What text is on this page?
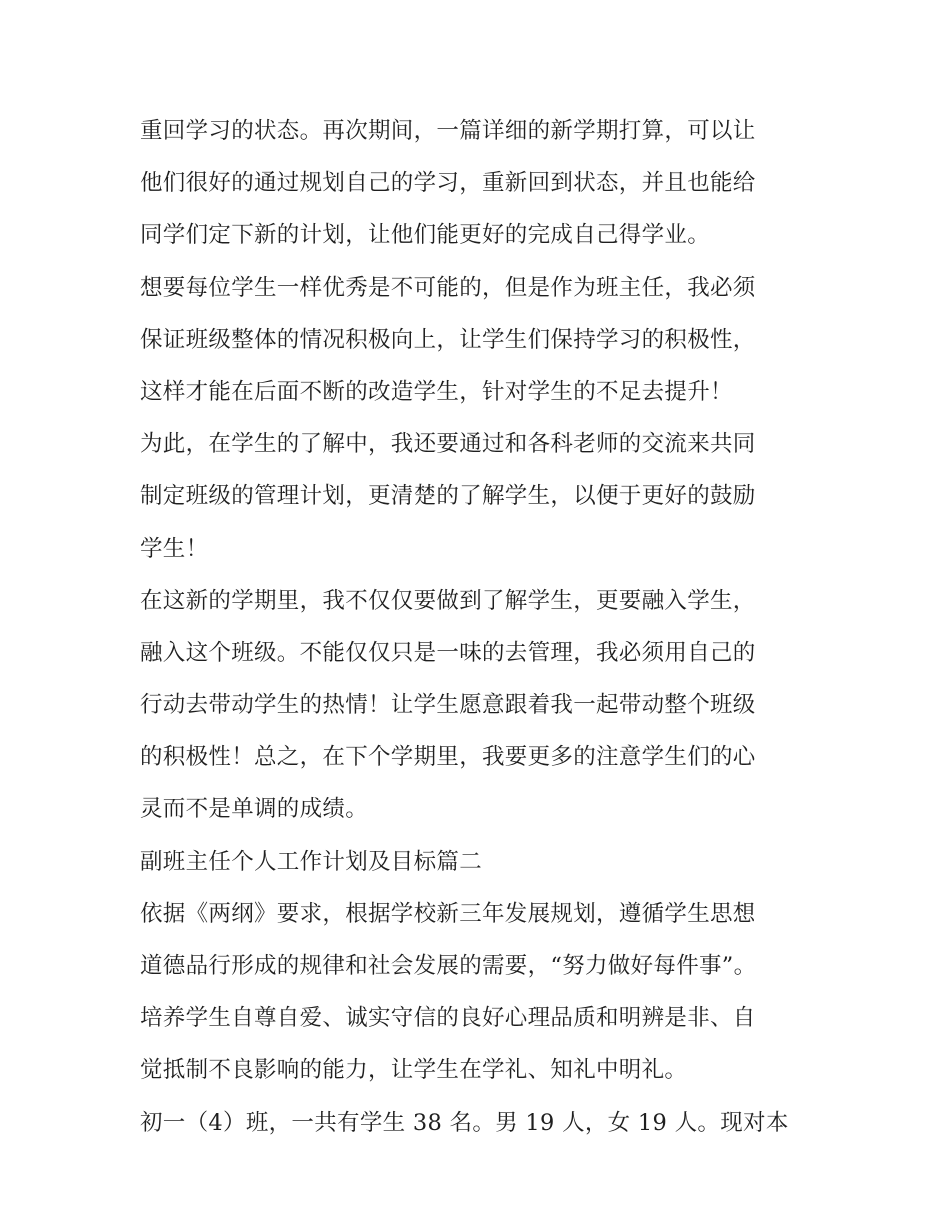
重回学习的状态。再次期间，一篇详细的新学期打算，可以让
他们很好的通过规划自己的学习，重新回到状态，并且也能给
同学们定下新的计划，让他们能更好的完成自己得学业。
想要每位学生一样优秀是不可能的，但是作为班主任，我必须
保证班级整体的情况积极向上，让学生们保持学习的积极性，
这样才能在后面不断的改造学生，针对学生的不足去提升！
为此，在学生的了解中，我还要通过和各科老师的交流来共同
制定班级的管理计划，更清楚的了解学生，以便于更好的鼓励
学生！
在这新的学期里，我不仅仅要做到了解学生，更要融入学生，
融入这个班级。不能仅仅只是一味的去管理，我必须用自己的
行动去带动学生的热情！让学生愿意跟着我一起带动整个班级
的积极性！总之，在下个学期里，我要更多的注意学生们的心
灵而不是单调的成绩。
副班主任个人工作计划及目标篇二
依据《两纲》要求，根据学校新三年发展规划，遵循学生思想
道德品行形成的规律和社会发展的需要，“努力做好每件事”。
培养学生自尊自爱、诚实守信的良好心理品质和明辨是非、自
觉抵制不良影响的能力，让学生在学礼、知礼中明礼。
初一（4）班，一共有学生 38 名。男 19 人，女 19 人。现对本
